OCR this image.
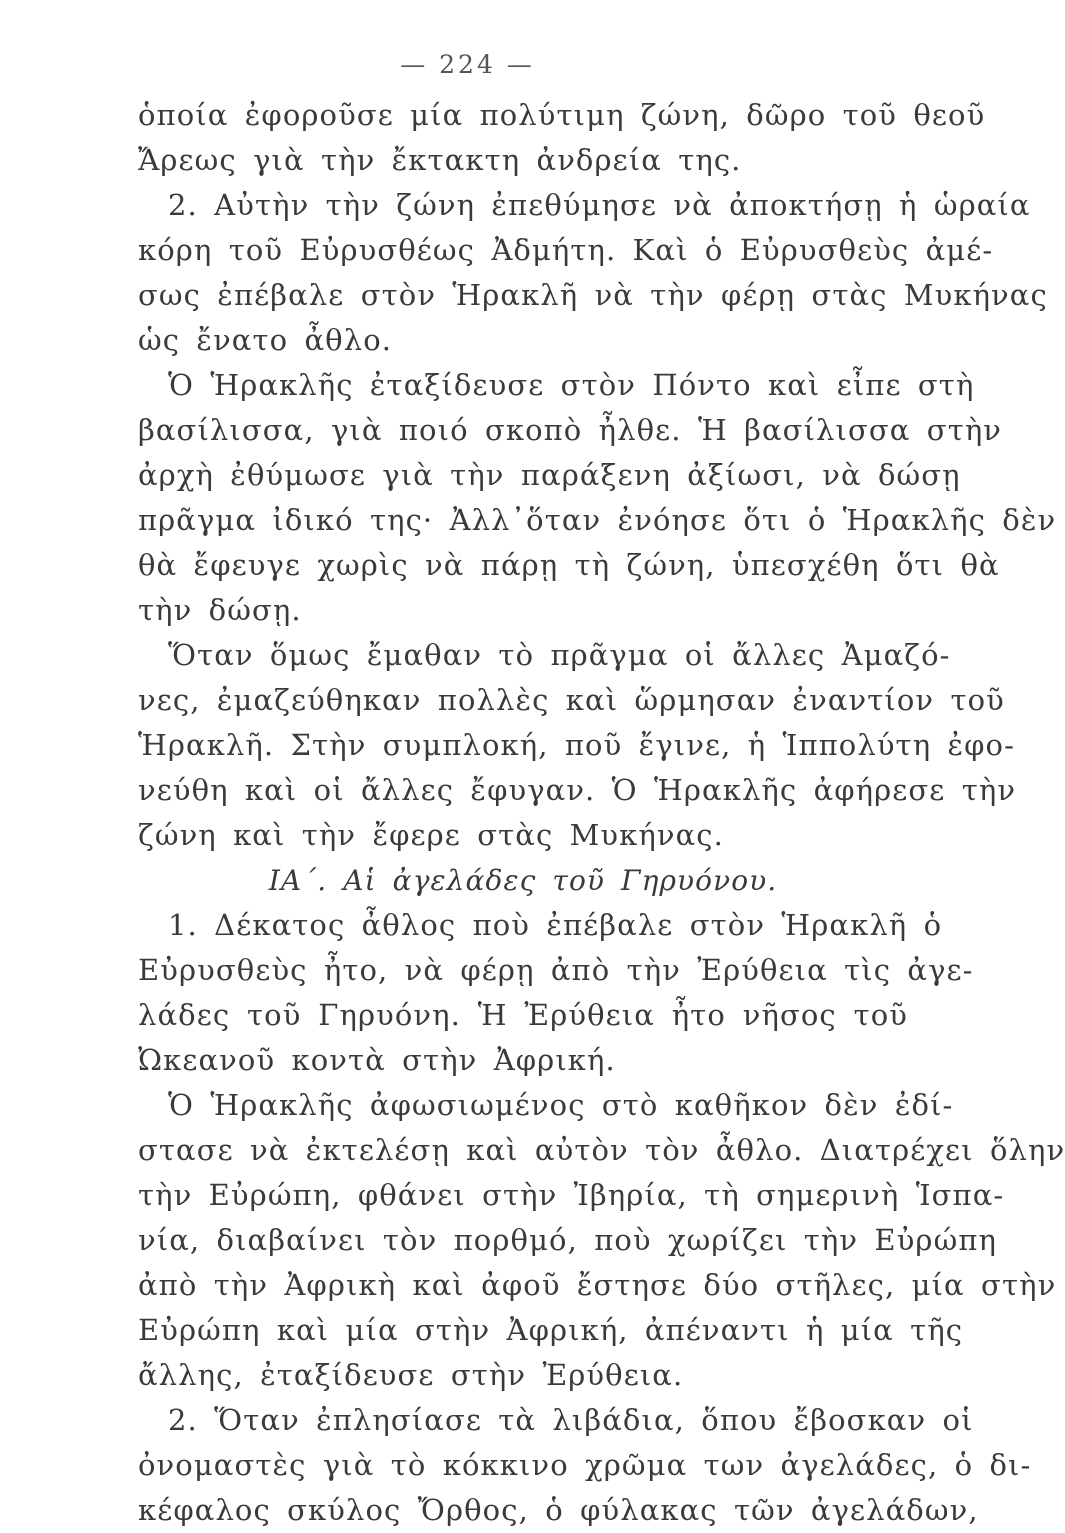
— 224 —
ὁποία ἐφοροῦσε μία πολύτιμη ζώνη, δῶρο τοῦ θεοῦ
Ἄρεως γιὰ τὴν ἔκτακτη ἀνδρεία της.
2. Αὐτὴν τὴν ζώνη ἐπεθύμησε νὰ ἀποκτήσῃ ἡ ὡραία
κόρη τοῦ Εὐρυσθέως Ἀδμήτη. Καὶ ὁ Εὐρυσθεὺς ἀμέ-
σως ἐπέβαλε στὸν Ἡρακλῆ νὰ τὴν φέρῃ στὰς Μυκήνας
ὡς ἔνατο ἆθλο.
Ὁ Ἡρακλῆς ἐταξίδευσε στὸν Πόντο καὶ εἶπε στὴ
βασίλισσα, γιὰ ποιό σκοπὸ ἦλθε. Ἡ βασίλισσα στὴν
ἀρχὴ ἐθύμωσε γιὰ τὴν παράξενη ἀξίωσι, νὰ δώσῃ
πρᾶγμα ἰδικό της· Ἀλλ᾽ὅταν ἐνόησε ὅτι ὁ Ἡρακλῆς δὲν
θὰ ἔφευγε χωρὶς νὰ πάρῃ τὴ ζώνη, ὑπεσχέθη ὅτι θὰ
τὴν δώσῃ.
Ὅταν ὅμως ἔμαθαν τὸ πρᾶγμα οἱ ἄλλες Ἀμαζό-
νες, ἐμαζεύθηκαν πολλὲς καὶ ὥρμησαν ἐναντίον τοῦ
Ἡρακλῆ. Στὴν συμπλοκή, ποῦ ἔγινε, ἡ Ἱππολύτη ἐφο-
νεύθη καὶ οἱ ἄλλες ἔφυγαν. Ὁ Ἡρακλῆς ἀφήρεσε τὴν
ζώνη καὶ τὴν ἔφερε στὰς Μυκήνας.
ΙΑ΄. Αἱ ἀγελάδες τοῦ Γηρυόνου.
1. Δέκατος ἆθλος ποὺ ἐπέβαλε στὸν Ἡρακλῆ ὁ
Εὐρυσθεὺς ἦτο, νὰ φέρῃ ἀπὸ τὴν Ἐρύθεια τὶς ἀγε-
λάδες τοῦ Γηρυόνη. Ἡ Ἐρύθεια ἦτο νῆσος τοῦ
Ὠκεανοῦ κοντὰ στὴν Ἀφρική.
Ὁ Ἡρακλῆς ἀφωσιωμένος στὸ καθῆκον δὲν ἐδί-
στασε νὰ ἐκτελέσῃ καὶ αὐτὸν τὸν ἆθλο. Διατρέχει ὅλην
τὴν Εὐρώπη, φθάνει στὴν Ἰβηρία, τὴ σημερινὴ Ἱσπα-
νία, διαβαίνει τὸν πορθμό, ποὺ χωρίζει τὴν Εὐρώπη
ἀπὸ τὴν Ἀφρικὴ καὶ ἀφοῦ ἔστησε δύο στῆλες, μία στὴν
Εὐρώπη καὶ μία στὴν Ἀφρική, ἀπέναντι ἡ μία τῆς
ἄλλης, ἐταξίδευσε στὴν Ἐρύθεια.
2. Ὅταν ἐπλησίασε τὰ λιβάδια, ὅπου ἔβοσκαν οἱ
ὀνομαστὲς γιὰ τὸ κόκκινο χρῶμα των ἀγελάδες, ὁ δι-
κέφαλος σκύλος Ὄρθος, ὁ φύλακας τῶν ἀγελάδων,
